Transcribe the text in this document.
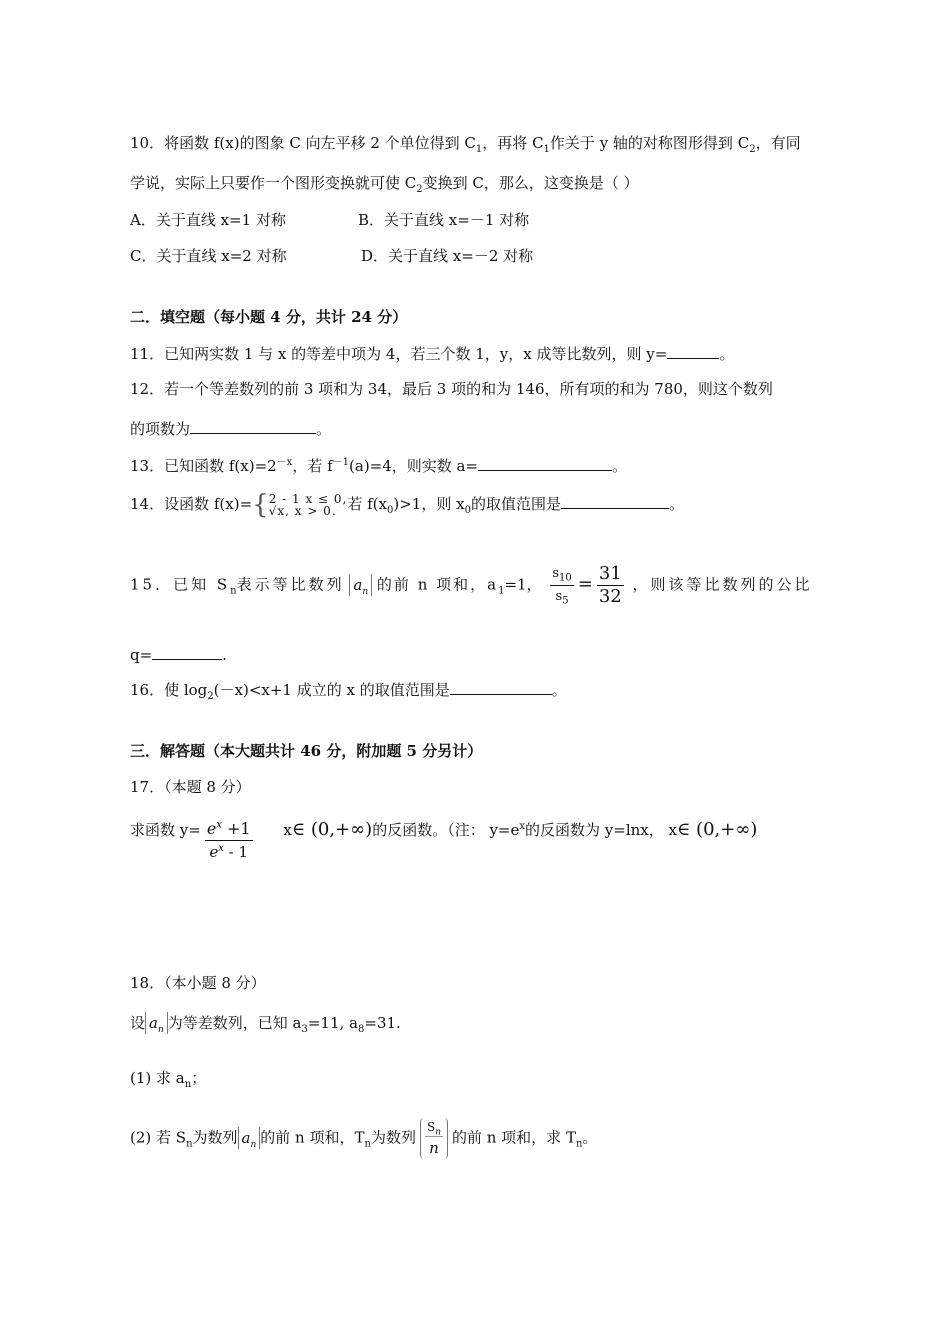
10．将函数 f(x)的图象 C 向左平移 2 个单位得到 $C_1$，再将 $C_1$作关于 y 轴的对称图形得到 $C_2$，有同
学说，实际上只要作一个图形变换就可使 $C_2$变换到 C，那么，这变换是（ ）
A．关于直线 x=1 对称	B．关于直线 x=－1 对称
C．关于直线 x=2 对称	D．关于直线 x=－2 对称
二．填空题（每小题 4 分，共计 24 分）
11．已知两实数 1 与 x 的等差中项为 4，若三个数 1，y，x 成等比数列，则 y=	。
12．若一个等差数列的前 3 项和为 34，最后 3 项的和为 146，所有项的和为 780，则这个数列
的项数为	。
13．已知函数 $f(x)=2^{-x}$，若 $f^{-1}(a)=4$，则实数 a=	。
14．设函数 f(x)={ 2 - 1 x ≤ 0,
√x, x > 0. 若 $f(x_0)>1$，则 $x_0$的取值范围是	。
15．已知 $S_n$表示等比数列 $a_n$ 的前 n 项和，$a_1=1$， $\frac{s_{10}}{s_5} = \frac{31}{32}$ ，则该等比数列的公比
q=	.
16．使 $\log_2(-x)<x+1$ 成立的 x 的取值范围是	。
三．解答题（本大题共计 46 分，附加题 5 分另计）
17．（本题 8 分）
求函数 $y= \frac{e^x +1}{e^x - 1}$ x∈ (0,+∞)的反函数。（注： $y=e^x$的反函数为 y=lnx， x∈ (0,+∞)
18．（本小题 8 分）
设 $a_n$ 为等差数列，已知 $a_3=11$, $a_8=31$.
(1) 求 $a_n$；
(2) 若 $S_n$为数列 $a_n$ 的前 n 项和，$T_n$为数列 $\frac{S_n}{n}$ 的前 n 项和，求 $T_n$。
